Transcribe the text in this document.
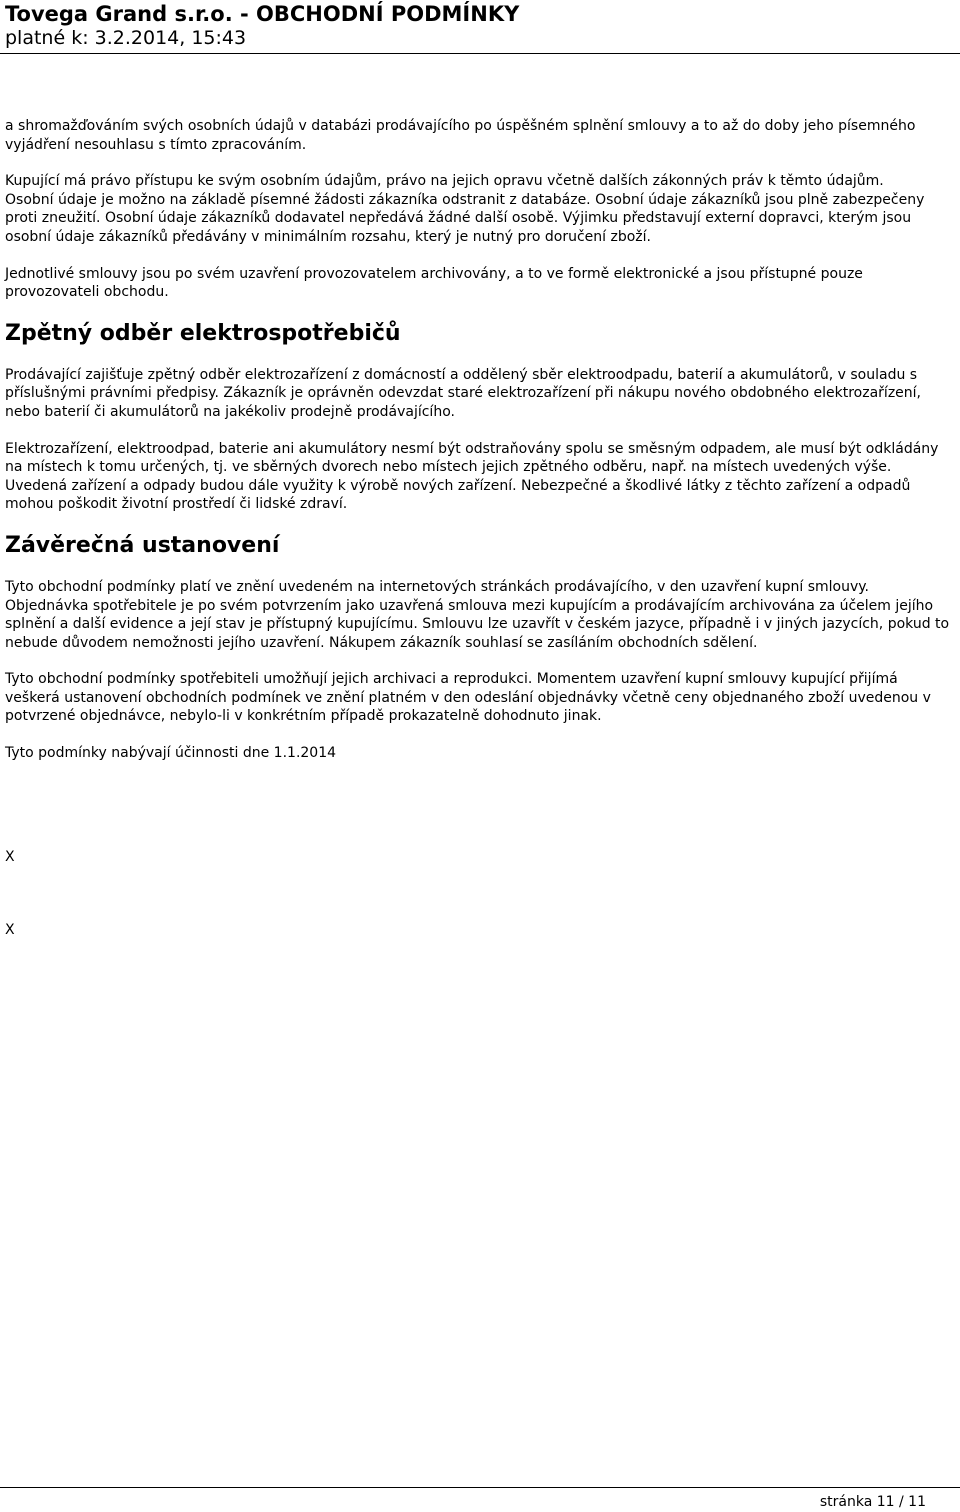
Tovega Grand s.r.o. - OBCHODNÍ PODMÍNKY
platné k: 3.2.2014, 15:43

a shromažďováním svých osobních údajů v databázi prodávajícího po úspěšném splnění smlouvy a to až do doby jeho písemného vyjádření nesouhlasu s tímto zpracováním.

Kupující má právo přístupu ke svým osobním údajům, právo na jejich opravu včetně dalších zákonných práv k těmto údajům.

Osobní údaje je možno na základě písemné žádosti zákazníka odstranit z databáze. Osobní údaje zákazníků jsou plně zabezpečeny proti zneužití. Osobní údaje zákazníků dodavatel nepředává žádné další osobě. Výjimku představují externí dopravci, kterým jsou osobní údaje zákazníků předávány v minimálním rozsahu, který je nutný pro doručení zboží.

Jednotlivé smlouvy jsou po svém uzavření provozovatelem archivovány, a to ve formě elektronické a jsou přístupné pouze provozovateli obchodu.

Zpětný odběr elektrospotřebičů

Prodávající zajišťuje zpětný odběr elektrozařízení z domácností a oddělený sběr elektroodpadu, baterií a akumulátorů, v souladu s příslušnými právními předpisy. Zákazník je oprávněn odevzdat staré elektrozařízení při nákupu nového obdobného elektrozařízení, nebo baterií či akumulátorů na jakékoliv prodejně prodávajícího.

Elektrozařízení, elektroodpad, baterie ani akumulátory nesmí být odstraňovány spolu se směsným odpadem, ale musí být odkládány na místech k tomu určených, tj. ve sběrných dvorech nebo místech jejich zpětného odběru, např. na místech uvedených výše. Uvedená zařízení a odpady budou dále využity k výrobě nových zařízení. Nebezpečné a škodlivé látky z těchto zařízení a odpadů mohou poškodit životní prostředí či lidské zdraví.

Závěrečná ustanovení

Tyto obchodní podmínky platí ve znění uvedeném na internetových stránkách prodávajícího, v den uzavření kupní smlouvy. Objednávka spotřebitele je po svém potvrzením jako uzavřená smlouva mezi kupujícím a prodávajícím archivována za účelem jejího splnění a další evidence a její stav je přístupný kupujícímu. Smlouvu lze uzavřít v českém jazyce, případně i v jiných jazycích, pokud to nebude důvodem nemožnosti jejího uzavření. Nákupem zákazník souhlasí se zasíláním obchodních sdělení.

Tyto obchodní podmínky spotřebiteli umožňují jejich archivaci a reprodukci. Momentem uzavření kupní smlouvy kupující přijímá veškerá ustanovení obchodních podmínek ve znění platném v den odeslání objednávky včetně ceny objednaného zboží uvedenou v potvrzené objednávce, nebylo-li v konkrétním případě prokazatelně dohodnuto jinak.

Tyto podmínky nabývají účinnosti dne 1.1.2014

X
X
stránka 11 / 11
